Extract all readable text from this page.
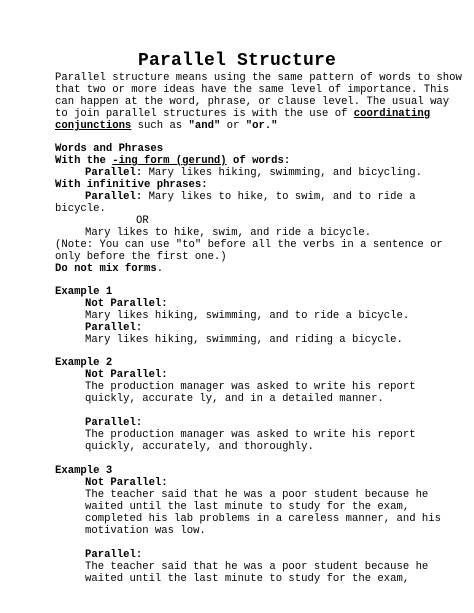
Parallel Structure
Parallel structure means using the same pattern of words to show
that two or more ideas have the same level of importance. This
can happen at the word, phrase, or clause level. The usual way
to join parallel structures is with the use of coordinating
conjunctions such as "and" or "or."
Words and Phrases
With the -ing form (gerund) of words:
Parallel: Mary likes hiking, swimming, and bicycling.
With infinitive phrases:
Parallel: Mary likes to hike, to swim, and to ride a
bicycle.
OR
Mary likes to hike, swim, and ride a bicycle.
(Note: You can use "to" before all the verbs in a sentence or
only before the first one.)
Do not mix forms.
Example 1
Not Parallel:
Mary likes hiking, swimming, and to ride a bicycle.
Parallel:
Mary likes hiking, swimming, and riding a bicycle.
Example 2
Not Parallel:
The production manager was asked to write his report
quickly, accurate ly, and in a detailed manner.
Parallel:
The production manager was asked to write his report
quickly, accurately, and thoroughly.
Example 3
Not Parallel:
The teacher said that he was a poor student because he
waited until the last minute to study for the exam,
completed his lab problems in a careless manner, and his
motivation was low.
Parallel:
The teacher said that he was a poor student because he
waited until the last minute to study for the exam,
